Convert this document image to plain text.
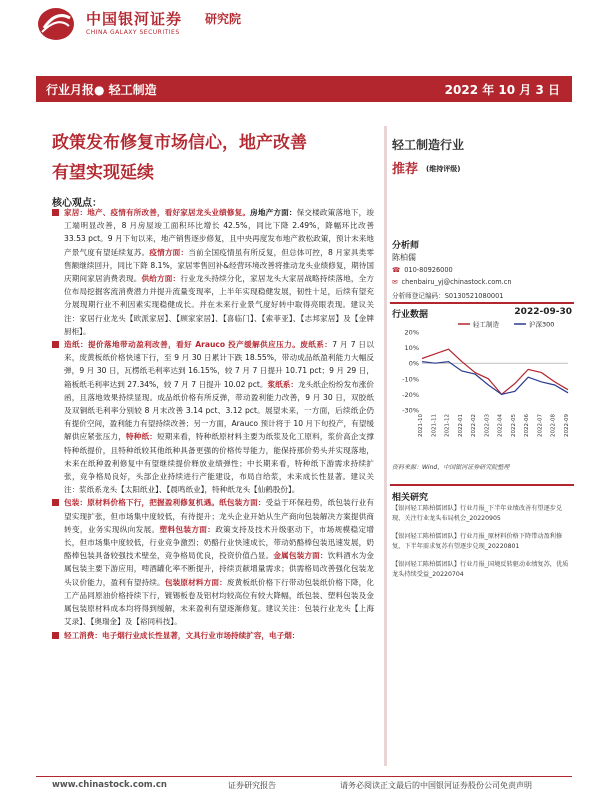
中国银河证券
CHINA GALAXY SECURITIES
研究院
行业月报● 轻工制造	2022 年 10 月 3 日
政策发布修复市场信心，地产改善
有望实现延续
核心观点：
家居：地产、疫情有所改善，看好家居龙头业绩修复。房地产方面：保交楼政策落地下，竣工端明显改善，8 月房屋竣工面积环比增长 42.5%，同比下降 2.49%，降幅环比改善 33.53 pct。9 月下旬以来，地产销售逐步修复，且中央再度发布地产救松政策，预计未来地产景气度有望延续复苏。疫情方面：当前全国疫情虽有所反复，但总体可控，8 月家具类零售额继续回升，同比下降 8.1%，家居零售回补&经营环境改善将推动龙头业绩修复，期待国庆期间家居消费表现。供给方面：行业龙头持续分化，家居龙头大家居战略持续落地，全方位布局挖掘客流消费潜力并提升流量变现率，上半年实现稳健发展，韧性十足，后续有望充分展现期行业不利因素实现稳健成长。并在未来行业景气度好转中取得亮眼表现。建议关注：家居行业龙头【欧派家居】、【顾家家居】、【喜临门】、【索菲亚】、【志邦家居】及【金牌厨柜】。
造纸：提价落地带动盈利改善，看好 Arauco 投产缓解供应压力。废纸系：7 月 7 日以来，废黄板纸价格快速下行，至 9 月 30 日累计下跌 18.55%，带动成品纸盈利能力大幅反弹，9 月 30 日，瓦楞纸毛利率达到 16.15%，较 7 月 7 日提升 10.71 pct；9 月 29 日，箱板纸毛利率达到 27.34%，较 7 月 7 日提升 10.02 pct。浆纸系：龙头纸企纷纷发布涨价函，且落地效果持续显现。成品纸价格有所反弹，带动盈利能力改善，9 月 30 日，双胶纸及双铜纸毛利率分别较 8 月末改善 3.14 pct、3.12 pct。展望未来，一方面，后续纸企仍有提价空间，盈利能力有望持续改善；另一方面，Arauco 预计将于 10 月下旬投产，有望缓解供应紧张压力，特种纸：短期来看，特种纸原材料主要为纸浆及化工原料，浆价高企支撑特种纸提价，且特种纸较其他纸种具备更强的价格传导能力，能保持那价势头并实现落地，未来在纸种盈利修复中有望继续提价释放业绩弹性；中长期来看，特种纸下游需求持续扩张，竞争格局良好，头部企业持续进行产能建设，布局自给浆，未来成长性显著。建议关注：浆纸系龙头【太阳纸业】、【晨鸣纸业】，特种纸龙头【仙鹤股份】。
包装：原材料价格下行，把握盈利修复机遇。纸包装方面：受益于环保趋势，纸包装行业有望实现扩张，但市场集中度较低，有待提升；龙头企业开始从生产商向包装解决方案提供商转变，业务实现纵向发展。塑料包装方面：政策支持及技术升级驱动下，市场规模稳定增长，但市场集中度较低，行业竞争激烈；奶酪行业快速成长，带动奶酪棒包装迅速发展，奶酪棒包装具备较强技术壁垒，竞争格局优良，投资价值凸显。金属包装方面：饮料酒水为金属包装主要下游应用，啤酒罐化率不断提升，持续贡献增量需求；供需格局改善强化包装龙头议价能力，盈利有望持续。包装原材料方面：废黄板纸价格下行带动包装纸价格下降，化工产品同原油价格持续下行，镀锡板卷及铝材均较高位有较大降幅，纸包装、塑料包装及金属包装原材料成本均将得到缓解，未来盈利有望逐渐修复。建议关注：包装行业龙头【上海艾录】、【奥瑞金】及【裕同科技】。
轻工消费：电子烟行业成长性显著，文具行业市场持续扩容，电子烟：
轻工制造行业
推荐 (维持评级)
分析师
陈柏儒
☎ 010-80926000
✉ chenbairu_yj@chinastock.com.cn
分析师登记编码：S0130521080001
行业数据	2022-09-30
20%
10%
0%
-10%
-20%
-30%
2021-10 2021-11 2021-12 2022-01 2022-02 2022-03 2022-04 2022-05 2022-06 2022-07 2022-08 2022-09
轻工制造	沪深300
资料来源：Wind，中国银河证券研究院整理
相关研究
【银河轻工陈柏儒团队】行业月报_下半年业绩改善有望逐步兑现，关注行业龙头布局机会_20220905
【银河轻工陈柏儒团队】行业月报_原材料价格下降带动盈利修复，下半年需求复苏有望逐步兑现_20220801
【银河轻工陈柏儒团队】行业月报_国境反转驱动业绩复苏，优质龙头持续受益_20220704
www.chinastock.com.cn	证券研究报告	请务必阅读正文最后的中国银河证券股份公司免责声明
